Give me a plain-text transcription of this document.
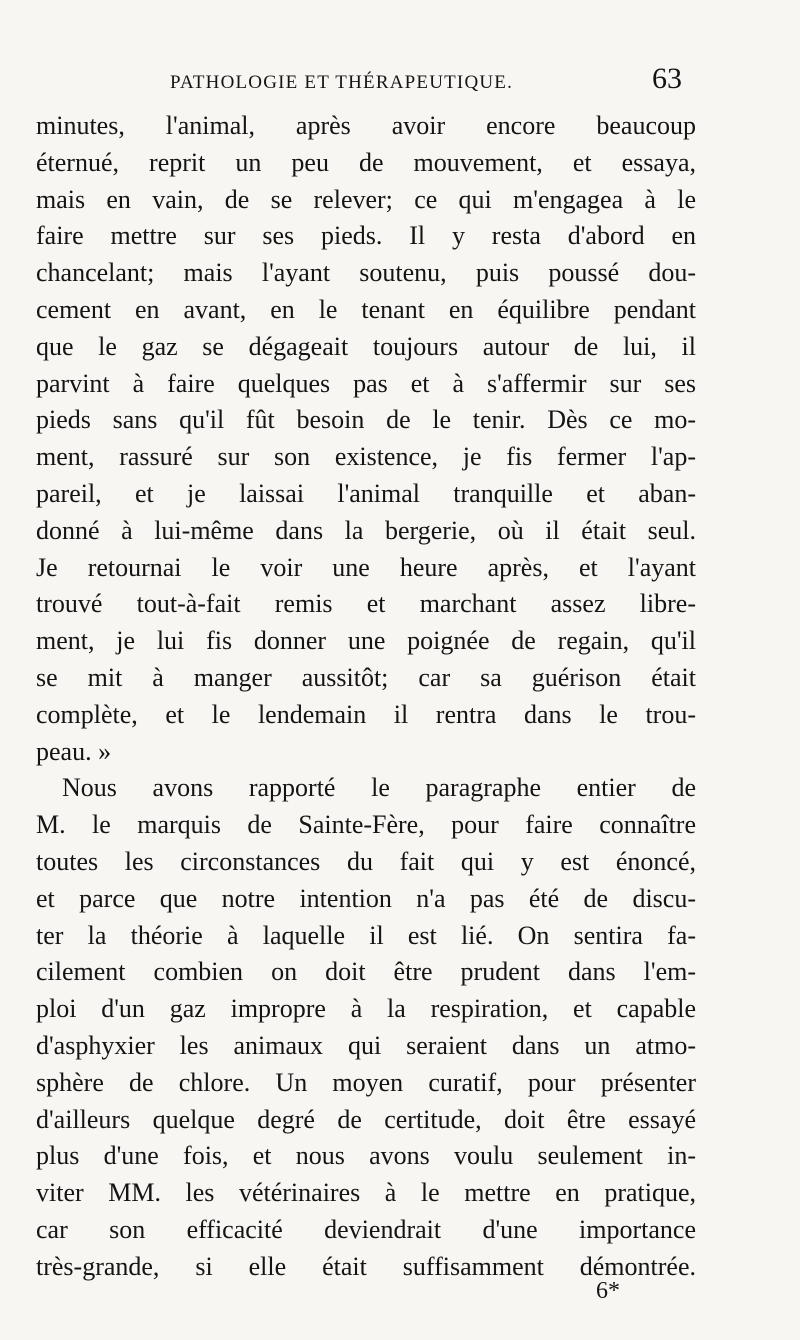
PATHOLOGIE ET THÉRAPEUTIQUE.	63
minutes, l'animal, après avoir encore beaucoup
éternué, reprit un peu de mouvement, et essaya,
mais en vain, de se relever; ce qui m'engagea à le
faire mettre sur ses pieds. Il y resta d'abord en
chancelant; mais l'ayant soutenu, puis poussé dou-
cement en avant, en le tenant en équilibre pendant
que le gaz se dégageait toujours autour de lui, il
parvint à faire quelques pas et à s'affermir sur ses
pieds sans qu'il fût besoin de le tenir. Dès ce mo-
ment, rassuré sur son existence, je fis fermer l'ap-
pareil, et je laissai l'animal tranquille et aban-
donné à lui-même dans la bergerie, où il était seul.
Je retournai le voir une heure après, et l'ayant
trouvé tout-à-fait remis et marchant assez libre-
ment, je lui fis donner une poignée de regain, qu'il
se mit à manger aussitôt; car sa guérison était
complète, et le lendemain il rentra dans le trou-
peau. »
Nous avons rapporté le paragraphe entier de
M. le marquis de Sainte-Fère, pour faire connaître
toutes les circonstances du fait qui y est énoncé,
et parce que notre intention n'a pas été de discu-
ter la théorie à laquelle il est lié. On sentira fa-
cilement combien on doit être prudent dans l'em-
ploi d'un gaz impropre à la respiration, et capable
d'asphyxier les animaux qui seraient dans un atmo-
sphère de chlore. Un moyen curatif, pour présenter
d'ailleurs quelque degré de certitude, doit être essayé
plus d'une fois, et nous avons voulu seulement in-
viter MM. les vétérinaires à le mettre en pratique,
car son efficacité deviendrait d'une importance
très-grande, si elle était suffisamment démontrée.
6*
